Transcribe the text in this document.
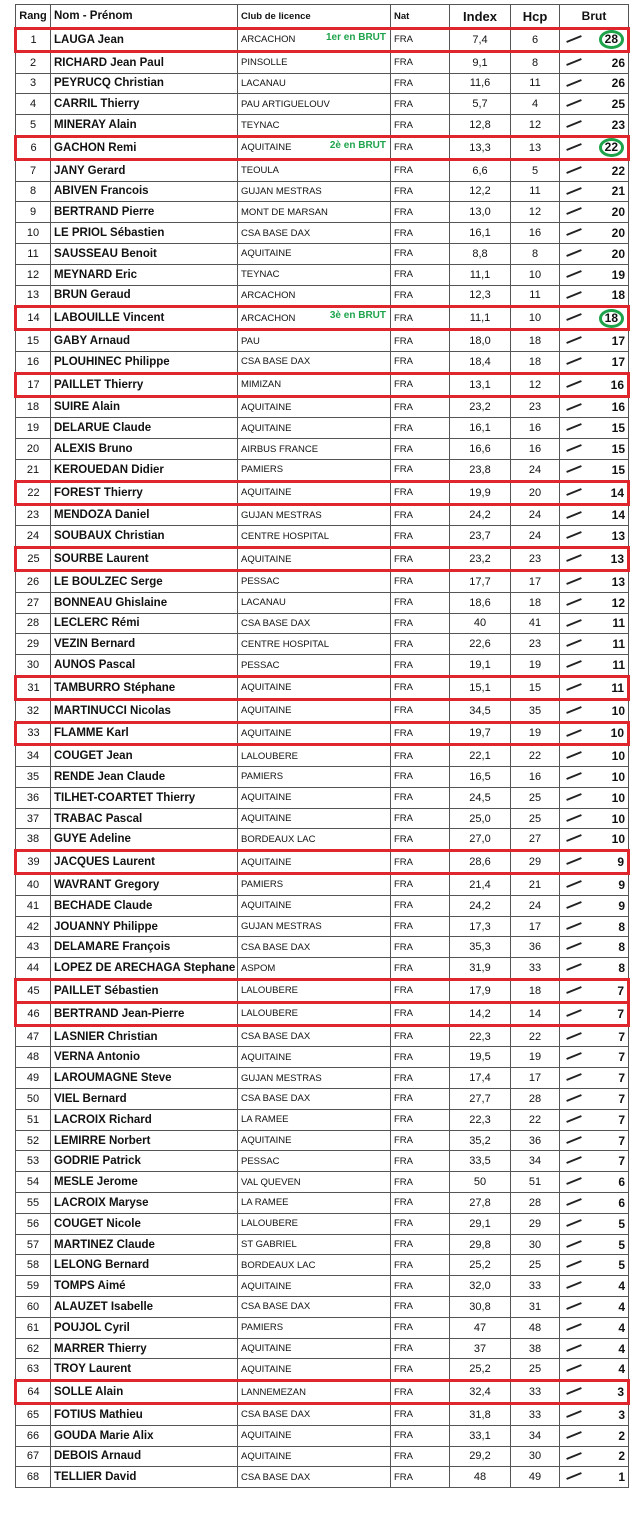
Rang	Nom - Prénom	Club de licence	Nat	Index	Hcp	Brut
1	LAUGA Jean	ARCACHON 1er en BRUT	FRA	7,4	6	28
2	RICHARD Jean Paul	PINSOLLE	FRA	9,1	8	26
3	PEYRUCQ Christian	LACANAU	FRA	11,6	11	26
4	CARRIL Thierry	PAU ARTIGUELOUV	FRA	5,7	4	25
5	MINERAY Alain	TEYNAC	FRA	12,8	12	23
6	GACHON Remi	AQUITAINE 2è en BRUT	FRA	13,3	13	22
7	JANY Gerard	TEOULA	FRA	6,6	5	22
8	ABIVEN Francois	GUJAN MESTRAS	FRA	12,2	11	21
9	BERTRAND Pierre	MONT DE MARSAN	FRA	13,0	12	20
10	LE PRIOL Sébastien	CSA BASE DAX	FRA	16,1	16	20
11	SAUSSEAU Benoit	AQUITAINE	FRA	8,8	8	20
12	MEYNARD Eric	TEYNAC	FRA	11,1	10	19
13	BRUN Geraud	ARCACHON	FRA	12,3	11	18
14	LABOUILLE Vincent	ARCACHON 3è en BRUT	FRA	11,1	10	18
15	GABY Arnaud	PAU	FRA	18,0	18	17
16	PLOUHINEC Philippe	CSA BASE DAX	FRA	18,4	18	17
17	PAILLET Thierry	MIMIZAN	FRA	13,1	12	16
18	SUIRE Alain	AQUITAINE	FRA	23,2	23	16
19	DELARUE Claude	AQUITAINE	FRA	16,1	16	15
20	ALEXIS Bruno	AIRBUS FRANCE	FRA	16,6	16	15
21	KEROUEDAN Didier	PAMIERS	FRA	23,8	24	15
22	FOREST Thierry	AQUITAINE	FRA	19,9	20	14
23	MENDOZA Daniel	GUJAN MESTRAS	FRA	24,2	24	14
24	SOUBAUX Christian	CENTRE HOSPITAL	FRA	23,7	24	13
25	SOURBE Laurent	AQUITAINE	FRA	23,2	23	13
26	LE BOULZEC Serge	PESSAC	FRA	17,7	17	13
27	BONNEAU Ghislaine	LACANAU	FRA	18,6	18	12
28	LECLERC Rémi	CSA BASE DAX	FRA	40	41	11
29	VEZIN Bernard	CENTRE HOSPITAL	FRA	22,6	23	11
30	AUNOS Pascal	PESSAC	FRA	19,1	19	11
31	TAMBURRO Stéphane	AQUITAINE	FRA	15,1	15	11
32	MARTINUCCI Nicolas	AQUITAINE	FRA	34,5	35	10
33	FLAMME Karl	AQUITAINE	FRA	19,7	19	10
34	COUGET Jean	LALOUBERE	FRA	22,1	22	10
35	RENDE Jean Claude	PAMIERS	FRA	16,5	16	10
36	TILHET-COARTET Thierry	AQUITAINE	FRA	24,5	25	10
37	TRABAC Pascal	AQUITAINE	FRA	25,0	25	10
38	GUYE Adeline	BORDEAUX LAC	FRA	27,0	27	10
39	JACQUES Laurent	AQUITAINE	FRA	28,6	29	9
40	WAVRANT Gregory	PAMIERS	FRA	21,4	21	9
41	BECHADE Claude	AQUITAINE	FRA	24,2	24	9
42	JOUANNY Philippe	GUJAN MESTRAS	FRA	17,3	17	8
43	DELAMARE François	CSA BASE DAX	FRA	35,3	36	8
44	LOPEZ DE ARECHAGA Stephane	ASPOM	FRA	31,9	33	8
45	PAILLET Sébastien	LALOUBERE	FRA	17,9	18	7
46	BERTRAND Jean-Pierre	LALOUBERE	FRA	14,2	14	7
47	LASNIER Christian	CSA BASE DAX	FRA	22,3	22	7
48	VERNA Antonio	AQUITAINE	FRA	19,5	19	7
49	LAROUMAGNE Steve	GUJAN MESTRAS	FRA	17,4	17	7
50	VIEL Bernard	CSA BASE DAX	FRA	27,7	28	7
51	LACROIX Richard	LA RAMEE	FRA	22,3	22	7
52	LEMIRRE Norbert	AQUITAINE	FRA	35,2	36	7
53	GODRIE Patrick	PESSAC	FRA	33,5	34	7
54	MESLE Jerome	VAL QUEVEN	FRA	50	51	6
55	LACROIX Maryse	LA RAMEE	FRA	27,8	28	6
56	COUGET Nicole	LALOUBERE	FRA	29,1	29	5
57	MARTINEZ Claude	ST GABRIEL	FRA	29,8	30	5
58	LELONG Bernard	BORDEAUX LAC	FRA	25,2	25	5
59	TOMPS Aimé	AQUITAINE	FRA	32,0	33	4
60	ALAUZET Isabelle	CSA BASE DAX	FRA	30,8	31	4
61	POUJOL Cyril	PAMIERS	FRA	47	48	4
62	MARRER Thierry	AQUITAINE	FRA	37	38	4
63	TROY Laurent	AQUITAINE	FRA	25,2	25	4
64	SOLLE Alain	LANNEMEZAN	FRA	32,4	33	3
65	FOTIUS Mathieu	CSA BASE DAX	FRA	31,8	33	3
66	GOUDA Marie Alix	AQUITAINE	FRA	33,1	34	2
67	DEBOIS Arnaud	AQUITAINE	FRA	29,2	30	2
68	TELLIER David	CSA BASE DAX	FRA	48	49	1
